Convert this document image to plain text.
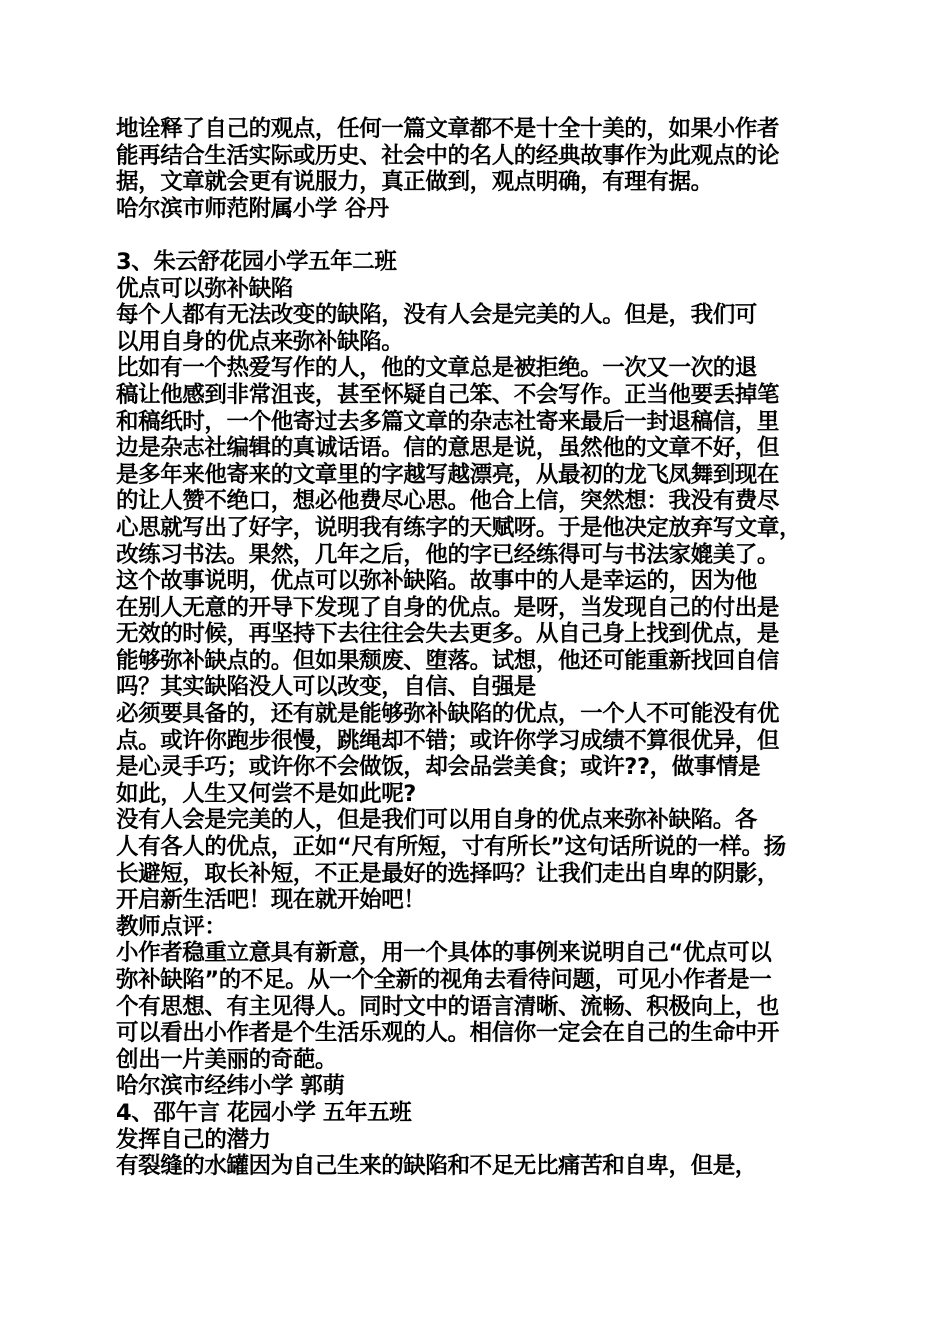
地诠释了自己的观点，任何一篇文章都不是十全十美的，如果小作者
能再结合生活实际或历史、社会中的名人的经典故事作为此观点的论
据，文章就会更有说服力，真正做到，观点明确，有理有据。
哈尔滨市师范附属小学 谷丹
3、朱云舒花园小学五年二班
优点可以弥补缺陷
每个人都有无法改变的缺陷，没有人会是完美的人。但是，我们可
以用自身的优点来弥补缺陷。
比如有一个热爱写作的人，他的文章总是被拒绝。一次又一次的退
稿让他感到非常沮丧，甚至怀疑自己笨、不会写作。正当他要丢掉笔
和稿纸时，一个他寄过去多篇文章的杂志社寄来最后一封退稿信，里
边是杂志社编辑的真诚话语。信的意思是说，虽然他的文章不好，但
是多年来他寄来的文章里的字越写越漂亮，从最初的龙飞凤舞到现在
的让人赞不绝口，想必他费尽心思。他合上信，突然想：我没有费尽
心思就写出了好字，说明我有练字的天赋呀。于是他决定放弃写文章，
改练习书法。果然，几年之后，他的字已经练得可与书法家媲美了。
这个故事说明，优点可以弥补缺陷。故事中的人是幸运的，因为他
在别人无意的开导下发现了自身的优点。是呀，当发现自己的付出是
无效的时候，再坚持下去往往会失去更多。从自己身上找到优点，是
能够弥补缺点的。但如果颓废、堕落。试想，他还可能重新找回自信
吗？其实缺陷没人可以改变，自信、自强是
必须要具备的，还有就是能够弥补缺陷的优点，一个人不可能没有优
点。或许你跑步很慢，跳绳却不错；或许你学习成绩不算很优异，但
是心灵手巧；或许你不会做饭，却会品尝美食；或许??，做事情是
如此，人生又何尝不是如此呢?
没有人会是完美的人，但是我们可以用自身的优点来弥补缺陷。各
人有各人的优点，正如“尺有所短，寸有所长”这句话所说的一样。扬
长避短，取长补短，不正是最好的选择吗？让我们走出自卑的阴影，
开启新生活吧！现在就开始吧！
教师点评：
小作者稳重立意具有新意，用一个具体的事例来说明自己“优点可以
弥补缺陷”的不足。从一个全新的视角去看待问题，可见小作者是一
个有思想、有主见得人。同时文中的语言清晰、流畅、积极向上，也
可以看出小作者是个生活乐观的人。相信你一定会在自己的生命中开
创出一片美丽的奇葩。
哈尔滨市经纬小学 郭萌
4、邵午言 花园小学 五年五班
发挥自己的潜力
有裂缝的水罐因为自己生来的缺陷和不足无比痛苦和自卑，但是，
